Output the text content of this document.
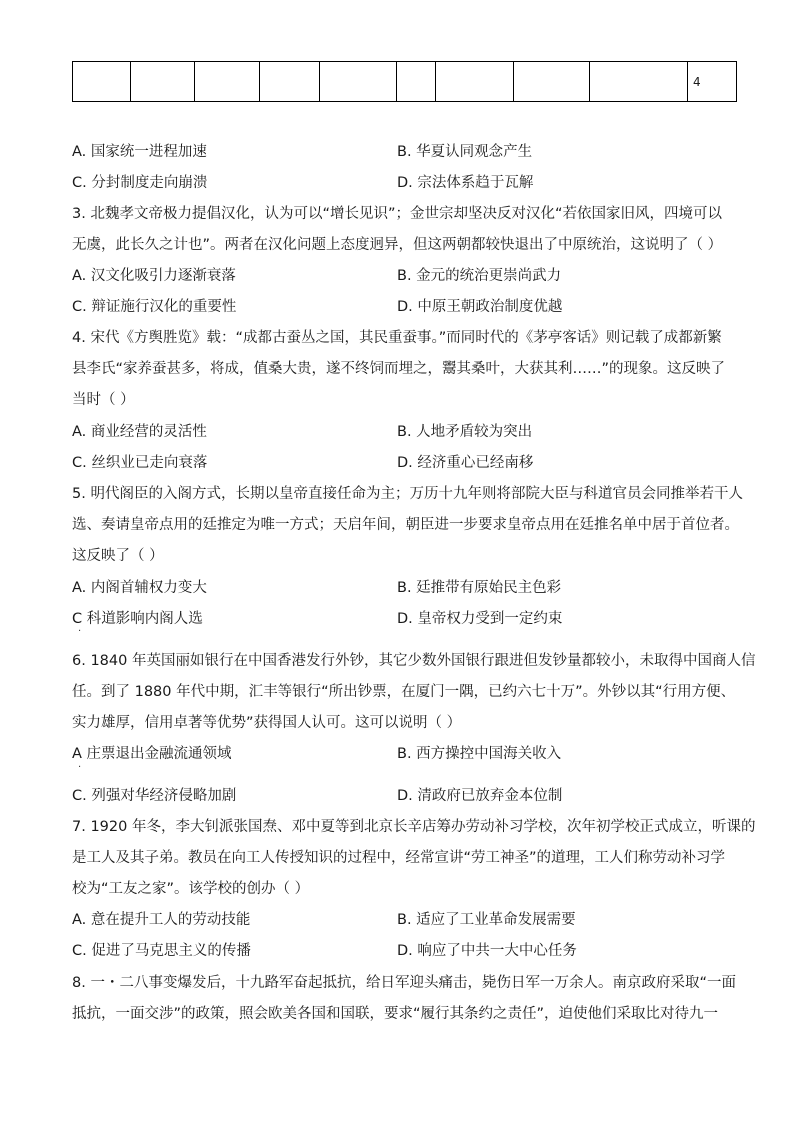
									4
A. 国家统一进程加速	B. 华夏认同观念产生
C. 分封制度走向崩溃	D. 宗法体系趋于瓦解
3. 北魏孝文帝极力提倡汉化，认为可以“增长见识”；金世宗却坚决反对汉化“若依国家旧风，四境可以
无虞，此长久之计也”。两者在汉化问题上态度迥异，但这两朝都较快退出了中原统治，这说明了（ ）
A. 汉文化吸引力逐渐衰落	B. 金元的统治更崇尚武力
C. 辩证施行汉化的重要性	D. 中原王朝政治制度优越
4. 宋代《方舆胜览》载：“成都古蚕丛之国，其民重蚕事。”而同时代的《茅亭客话》则记载了成都新繁
县李氏“家养蚕甚多，将成，值桑大贵，遂不终饲而埋之，鬻其桑叶，大获其利……”的现象。这反映了
当时（ ）
A. 商业经营的灵活性	B. 人地矛盾较为突出
C. 丝织业已走向衰落	D. 经济重心已经南移
5. 明代阁臣的入阁方式，长期以皇帝直接任命为主；万历十九年则将部院大臣与科道官员会同推举若干人
选、奏请皇帝点用的廷推定为唯一方式；天启年间，朝臣进一步要求皇帝点用在廷推名单中居于首位者。
这反映了（ ）
A. 内阁首辅权力变大	B. 廷推带有原始民主色彩
C 科道影响内阁人选	D. 皇帝权力受到一定约束
·
6. 1840 年英国丽如银行在中国香港发行外钞，其它少数外国银行跟进但发钞量都较小，未取得中国商人信
任。到了 1880 年代中期，汇丰等银行“所出钞票，在厦门一隅，已约六七十万”。外钞以其“行用方便、
实力雄厚，信用卓著等优势”获得国人认可。这可以说明（ ）
A 庄票退出金融流通领域	B. 西方操控中国海关收入
·
C. 列强对华经济侵略加剧	D. 清政府已放弃金本位制
7. 1920 年冬，李大钊派张国焘、邓中夏等到北京长辛店筹办劳动补习学校，次年初学校正式成立，听课的
是工人及其子弟。教员在向工人传授知识的过程中，经常宣讲“劳工神圣”的道理，工人们称劳动补习学
校为“工友之家”。该学校的创办（ ）
A. 意在提升工人的劳动技能	B. 适应了工业革命发展需要
C. 促进了马克思主义的传播	D. 响应了中共一大中心任务
8. 一・二八事变爆发后，十九路军奋起抵抗，给日军迎头痛击，毙伤日军一万余人。南京政府采取“一面
抵抗，一面交涉”的政策，照会欧美各国和国联，要求“履行其条约之责任”，迫使他们采取比对待九一
